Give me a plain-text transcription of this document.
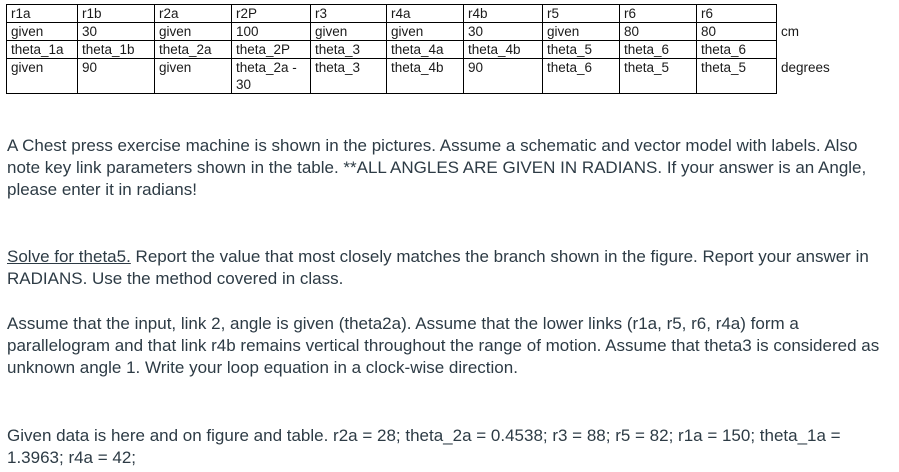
r1a	r1b	r2a	r2P	r3	r4a	r4b	r5	r6	r6	
given	30	given	100	given	given	30	given	80	80	cm
theta_1a	theta_1b	theta_2a	theta_2P	theta_3	theta_4a	theta_4b	theta_5	theta_6	theta_6	
given	90	given	theta_2a - 30	theta_3	theta_4b	90	theta_6	theta_5	theta_5	degrees

A Chest press exercise machine is shown in the pictures. Assume a schematic and vector model with labels. Also note key link parameters shown in the table. **ALL ANGLES ARE GIVEN IN RADIANS. If your answer is an Angle, please enter it in radians!

Solve for theta5. Report the value that most closely matches the branch shown in the figure. Report your answer in RADIANS. Use the method covered in class.

Assume that the input, link 2, angle is given (theta2a). Assume that the lower links (r1a, r5, r6, r4a) form a parallelogram and that link r4b remains vertical throughout the range of motion. Assume that theta3 is considered as unknown angle 1. Write your loop equation in a clock-wise direction.

Given data is here and on figure and table. r2a = 28; theta_2a = 0.4538; r3 = 88; r5 = 82; r1a = 150; theta_1a = 1.3963; r4a = 42;
